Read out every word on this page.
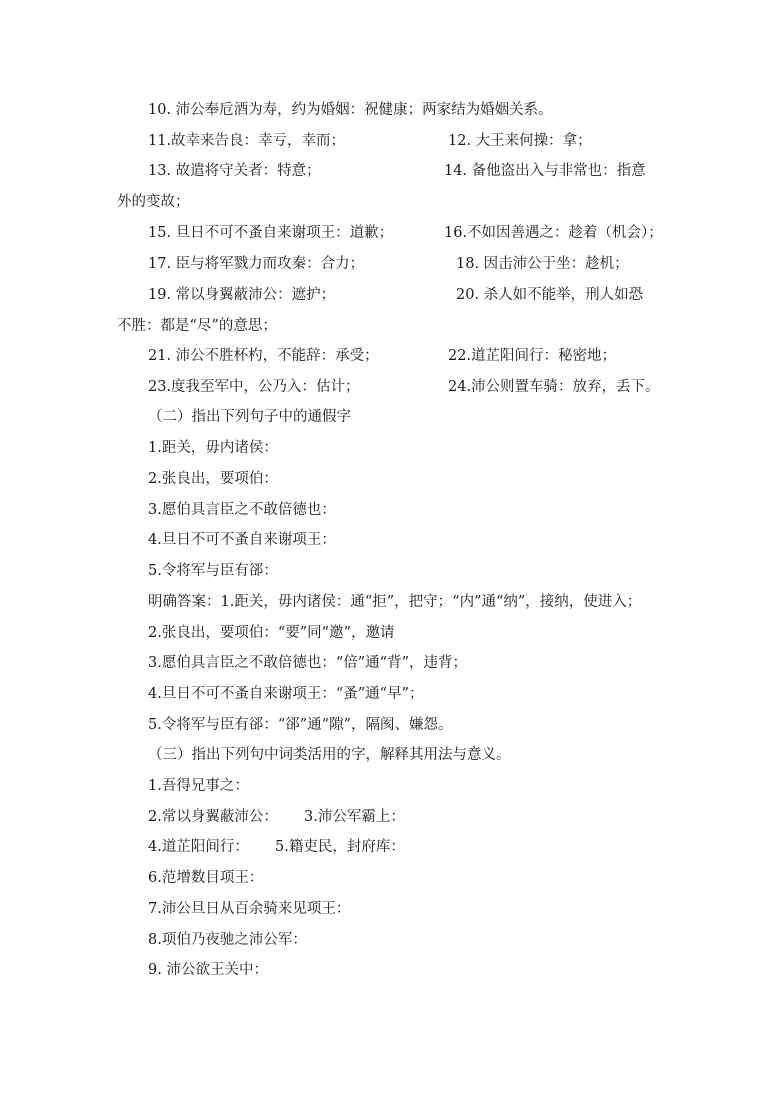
10. 沛公奉卮酒为寿，约为婚姻：祝健康；两家结为婚姻关系。
11.故幸来告良：幸亏，幸而；	12. 大王来何操：拿；
13. 故遣将守关者：特意；	14. 备他盗出入与非常也：指意
外的变故；
15. 旦日不可不蚤自来谢项王：道歉；	16.不如因善遇之：趁着（机会）；
17. 臣与将军戮力而攻秦：合力；	18. 因击沛公于坐：趁机；
19. 常以身翼蔽沛公：遮护；	20. 杀人如不能举，刑人如恐
不胜：都是“尽”的意思；
21. 沛公不胜杯杓，不能辞：承受；	22.道芷阳间行：秘密地；
23.度我至军中，公乃入：估计；	24.沛公则置车骑：放弃，丢下。
（二）指出下列句子中的通假字
1.距关，毋内诸侯：
2.张良出，要项伯：
3.愿伯具言臣之不敢倍德也：
4.旦日不可不蚤自来谢项王：
5.令将军与臣有郤：
明确答案：1.距关，毋内诸侯：通“拒”，把守；“内”通“纳”，接纳，使进入；
2.张良出，要项伯：“要”同“邀”，邀请
3.愿伯具言臣之不敢倍德也：“倍”通“背”，违背；
4.旦日不可不蚤自来谢项王：“蚤”通“早”；
5.令将军与臣有郤：“郤”通“隙”，隔阂、嫌怨。
（三）指出下列句中词类活用的字，解释其用法与意义。
1.吾得兄事之：
2.常以身翼蔽沛公： 3.沛公军霸上：
4.道芷阳间行： 5.籍吏民，封府库：
6.范增数目项王：
7.沛公旦日从百余骑来见项王：
8.项伯乃夜驰之沛公军：
9. 沛公欲王关中：
